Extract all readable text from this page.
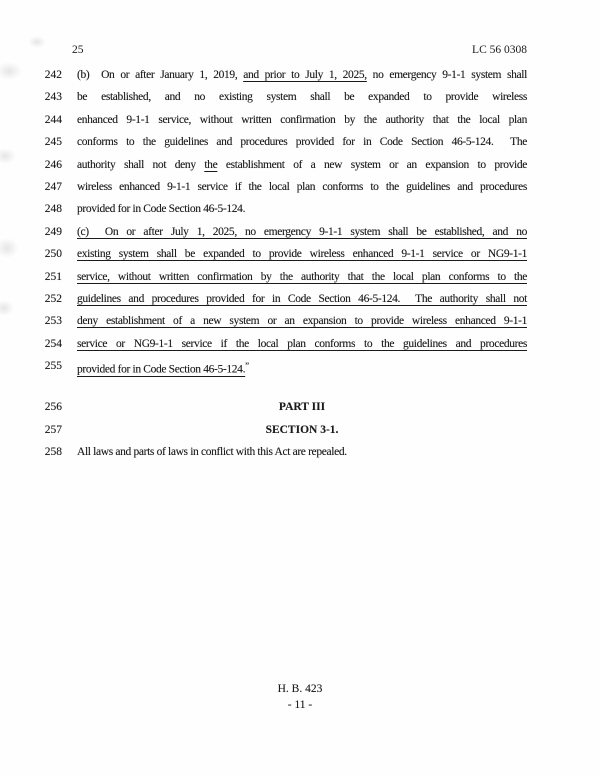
25	LC 56 0308
242 (b)  On or after January 1, 2019, and prior to July 1, 2025, no emergency 9-1-1 system shall
243 be established, and no existing system shall be expanded to provide wireless
244 enhanced 9-1-1 service, without written confirmation by the authority that the local plan
245 conforms to the guidelines and procedures provided for in Code Section 46-5-124.  The
246 authority shall not deny the establishment of a new system or an expansion to provide
247 wireless enhanced 9-1-1 service if the local plan conforms to the guidelines and procedures
248 provided for in Code Section 46-5-124.
249 (c)  On or after July 1, 2025, no emergency 9-1-1 system shall be established, and no
250 existing system shall be expanded to provide wireless enhanced 9-1-1 service or NG9-1-1
251 service, without written confirmation by the authority that the local plan conforms to the
252 guidelines and procedures provided for in Code Section 46-5-124.  The authority shall not
253 deny establishment of a new system or an expansion to provide wireless enhanced 9-1-1
254 service or NG9-1-1 service if the local plan conforms to the guidelines and procedures
255 provided for in Code Section 46-5-124.”
256	PART III
257	SECTION 3-1.
258 All laws and parts of laws in conflict with this Act are repealed.
H. B. 423
- 11 -
